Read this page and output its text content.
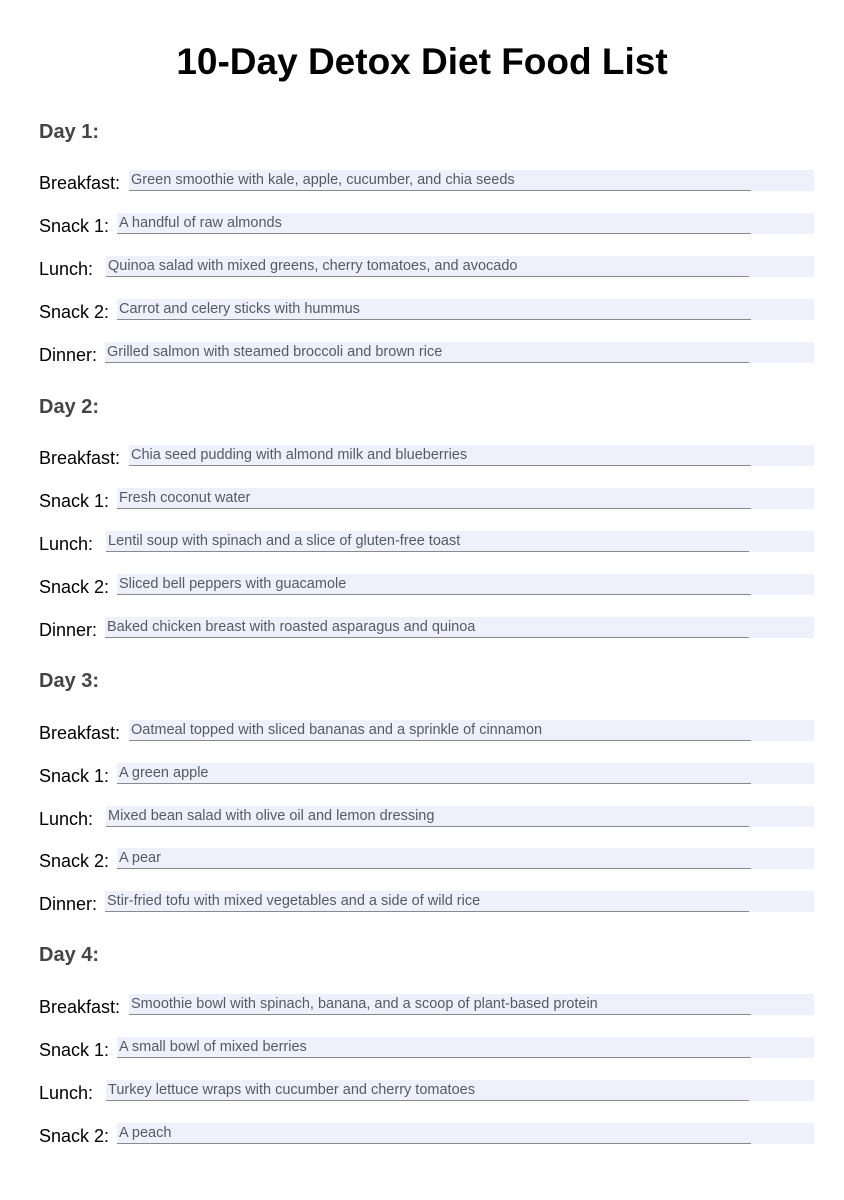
10-Day Detox Diet Food List
Day 1:
Breakfast: Green smoothie with kale, apple, cucumber, and chia seeds
Snack 1: A handful of raw almonds
Lunch: Quinoa salad with mixed greens, cherry tomatoes, and avocado
Snack 2: Carrot and celery sticks with hummus
Dinner: Grilled salmon with steamed broccoli and brown rice
Day 2:
Breakfast: Chia seed pudding with almond milk and blueberries
Snack 1: Fresh coconut water
Lunch: Lentil soup with spinach and a slice of gluten-free toast
Snack 2: Sliced bell peppers with guacamole
Dinner: Baked chicken breast with roasted asparagus and quinoa
Day 3:
Breakfast: Oatmeal topped with sliced bananas and a sprinkle of cinnamon
Snack 1: A green apple
Lunch: Mixed bean salad with olive oil and lemon dressing
Snack 2: A pear
Dinner: Stir-fried tofu with mixed vegetables and a side of wild rice
Day 4:
Breakfast: Smoothie bowl with spinach, banana, and a scoop of plant-based protein
Snack 1: A small bowl of mixed berries
Lunch: Turkey lettuce wraps with cucumber and cherry tomatoes
Snack 2: A peach
